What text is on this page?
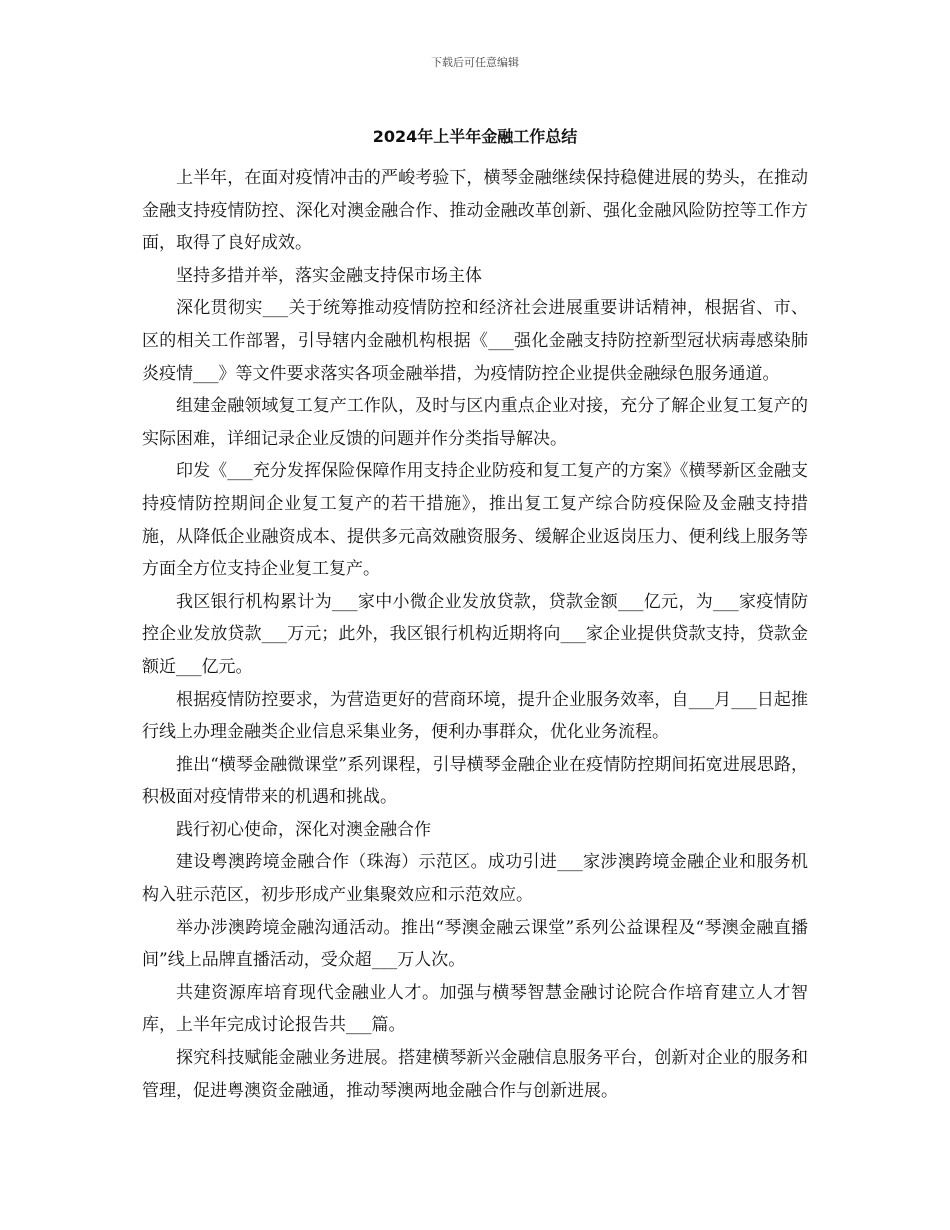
下载后可任意编辑
2024年上半年金融工作总结

上半年，在面对疫情冲击的严峻考验下，横琴金融继续保持稳健进展的势头，在推动金融支持疫情防控、深化对澳金融合作、推动金融改革创新、强化金融风险防控等工作方面，取得了良好成效。

坚持多措并举，落实金融支持保市场主体

深化贯彻实___关于统筹推动疫情防控和经济社会进展重要讲话精神，根据省、市、区的相关工作部署，引导辖内金融机构根据《___强化金融支持防控新型冠状病毒感染肺炎疫情___》等文件要求落实各项金融举措，为疫情防控企业提供金融绿色服务通道。

组建金融领域复工复产工作队，及时与区内重点企业对接，充分了解企业复工复产的实际困难，详细记录企业反馈的问题并作分类指导解决。

印发《___充分发挥保险保障作用支持企业防疫和复工复产的方案》《横琴新区金融支持疫情防控期间企业复工复产的若干措施》，推出复工复产综合防疫保险及金融支持措施，从降低企业融资成本、提供多元高效融资服务、缓解企业返岗压力、便利线上服务等方面全方位支持企业复工复产。

我区银行机构累计为___家中小微企业发放贷款，贷款金额___亿元，为___家疫情防控企业发放贷款___万元；此外，我区银行机构近期将向___家企业提供贷款支持，贷款金额近___亿元。

根据疫情防控要求，为营造更好的营商环境，提升企业服务效率，自___月___日起推行线上办理金融类企业信息采集业务，便利办事群众，优化业务流程。

推出“横琴金融微课堂”系列课程，引导横琴金融企业在疫情防控期间拓宽进展思路，积极面对疫情带来的机遇和挑战。

践行初心使命，深化对澳金融合作

建设粤澳跨境金融合作（珠海）示范区。成功引进___家涉澳跨境金融企业和服务机构入驻示范区，初步形成产业集聚效应和示范效应。

举办涉澳跨境金融沟通活动。推出“琴澳金融云课堂”系列公益课程及“琴澳金融直播间”线上品牌直播活动，受众超___万人次。

共建资源库培育现代金融业人才。加强与横琴智慧金融讨论院合作培育建立人才智库，上半年完成讨论报告共___篇。

探究科技赋能金融业务进展。搭建横琴新兴金融信息服务平台，创新对企业的服务和管理，促进粤澳资金融通，推动琴澳两地金融合作与创新进展。
